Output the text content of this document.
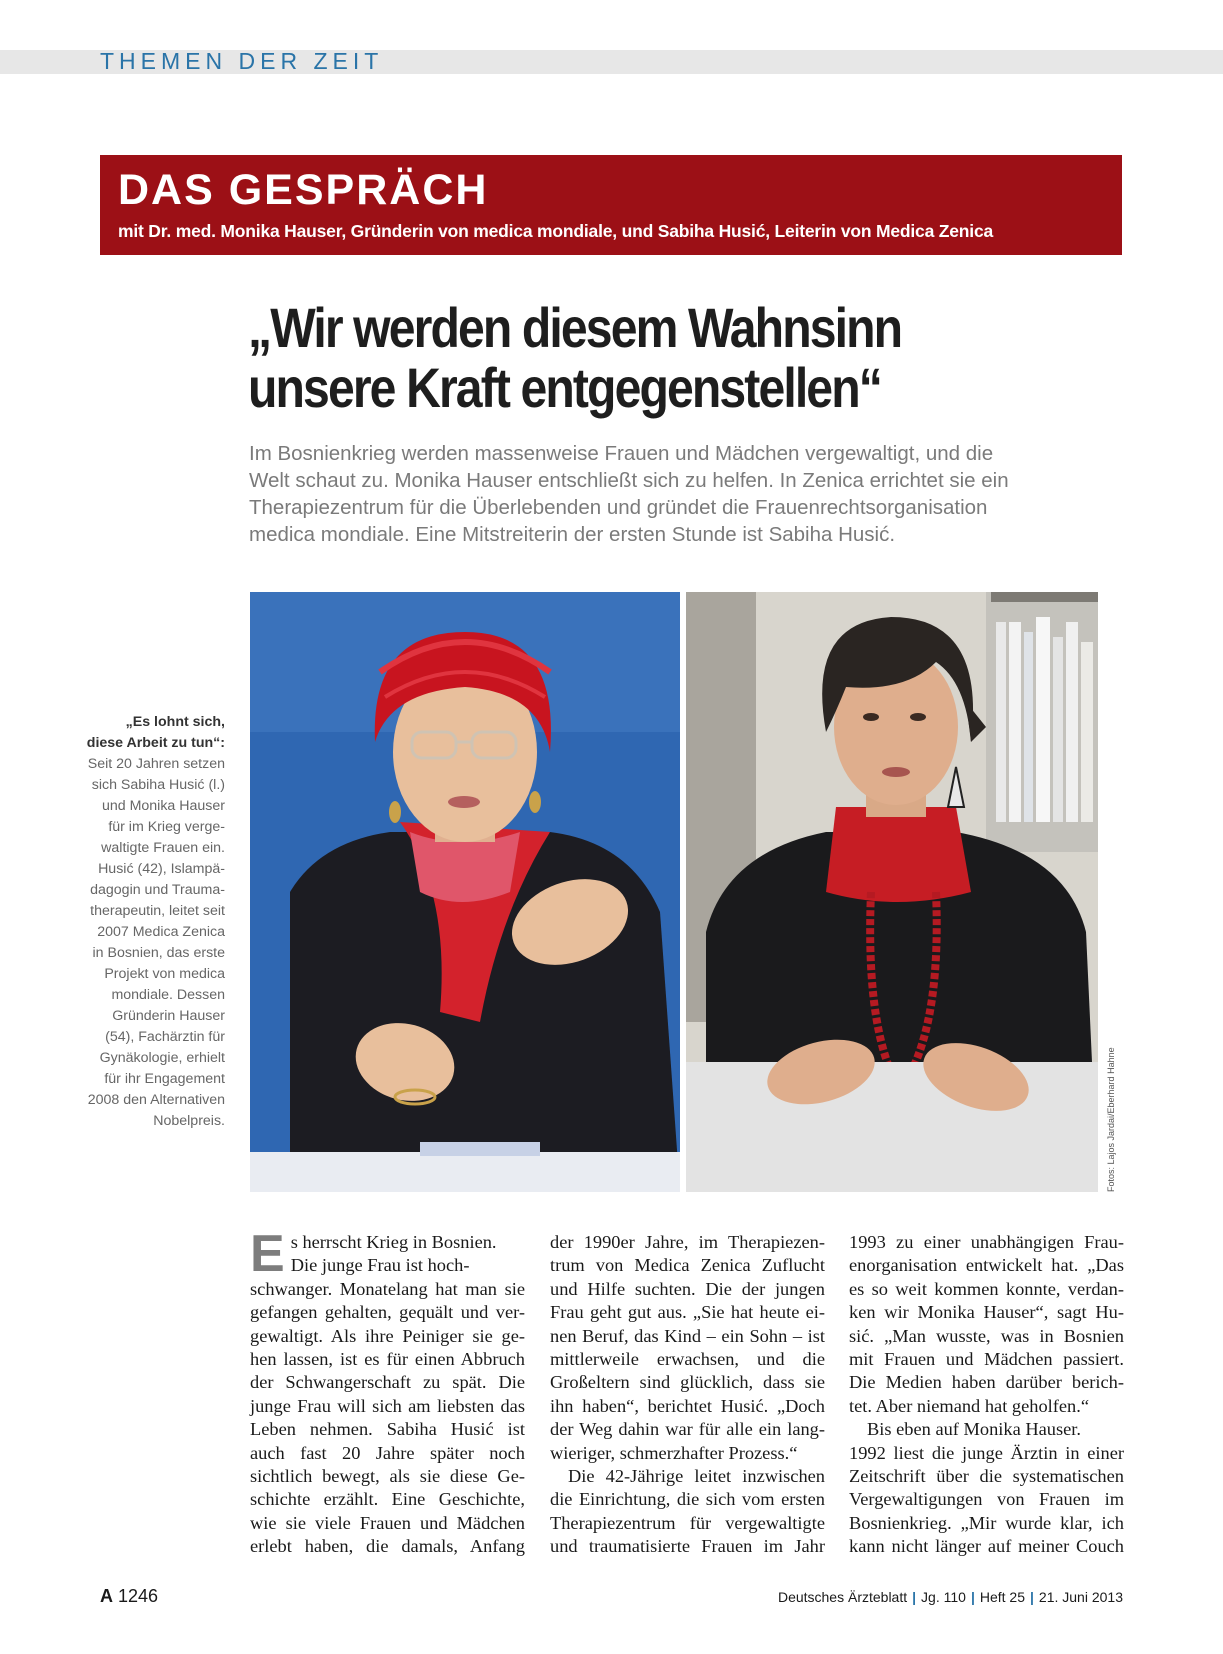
THEMEN DER ZEIT
DAS GESPRÄCH
mit Dr. med. Monika Hauser, Gründerin von medica mondiale, und Sabiha Husić, Leiterin von Medica Zenica
„Wir werden diesem Wahnsinn
unsere Kraft entgegenstellen“
Im Bosnienkrieg werden massenweise Frauen und Mädchen vergewaltigt, und die
Welt schaut zu. Monika Hauser entschließt sich zu helfen. In Zenica errichtet sie ein
Therapiezentrum für die Überlebenden und gründet die Frauenrechtsorganisation
medica mondiale. Eine Mitstreiterin der ersten Stunde ist Sabiha Husić.
Fotos: Lajos Jardai/Eberhard Hahne
„Es lohnt sich,
diese Arbeit zu tun“:
Seit 20 Jahren setzen
sich Sabiha Husić (l.)
und Monika Hauser
für im Krieg verge-
waltigte Frauen ein.
Husić (42), Islampä-
dagogin und Trauma-
therapeutin, leitet seit
2007 Medica Zenica
in Bosnien, das erste
Projekt von medica
mondiale. Dessen
Gründerin Hauser
(54), Fachärztin für
Gynäkologie, erhielt
für ihr Engagement
2008 den Alternativen
Nobelpreis.
E s herrscht Krieg in Bosnien.
Die junge Frau ist hoch-
schwanger. Monatelang hat man sie
gefangen gehalten, gequält und ver-
gewaltigt. Als ihre Peiniger sie ge-
hen lassen, ist es für einen Abbruch
der Schwangerschaft zu spät. Die
junge Frau will sich am liebsten das
Leben nehmen. Sabiha Husić ist
auch fast 20 Jahre später noch
sichtlich bewegt, als sie diese Ge-
schichte erzählt. Eine Geschichte,
wie sie viele Frauen und Mädchen
erlebt haben, die damals, Anfang
der 1990er Jahre, im Therapiezen-
trum von Medica Zenica Zuflucht
und Hilfe suchten. Die der jungen
Frau geht gut aus. „Sie hat heute ei-
nen Beruf, das Kind – ein Sohn – ist
mittlerweile erwachsen, und die
Großeltern sind glücklich, dass sie
ihn haben“, berichtet Husić. „Doch
der Weg dahin war für alle ein lang-
wieriger, schmerzhafter Prozess.“
Die 42-Jährige leitet inzwischen
die Einrichtung, die sich vom ersten
Therapiezentrum für vergewaltigte
und traumatisierte Frauen im Jahr
1993 zu einer unabhängigen Frau-
enorganisation entwickelt hat. „Das
es so weit kommen konnte, verdan-
ken wir Monika Hauser“, sagt Hu-
sić. „Man wusste, was in Bosnien
mit Frauen und Mädchen passiert.
Die Medien haben darüber berich-
tet. Aber niemand hat geholfen.“
Bis eben auf Monika Hauser.
1992 liest die junge Ärztin in einer
Zeitschrift über die systematischen
Vergewaltigungen von Frauen im
Bosnienkrieg. „Mir wurde klar, ich
kann nicht länger auf meiner Couch
A 1246	Deutsches Ärzteblatt | Jg. 110 | Heft 25 | 21. Juni 2013
